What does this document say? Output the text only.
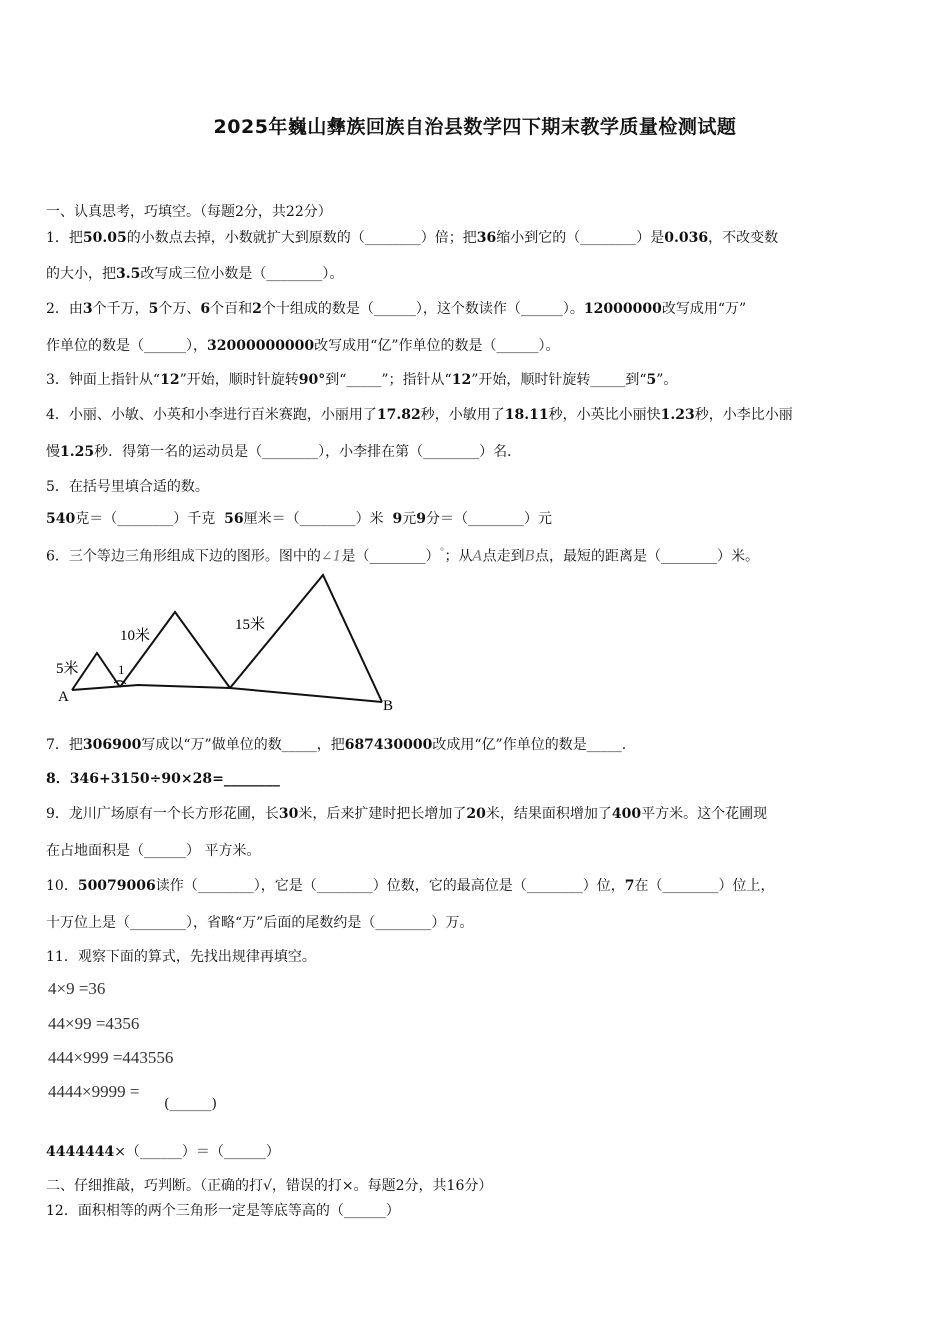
2025年巍山彝族回族自治县数学四下期末教学质量检测试题
一、认真思考，巧填空。（每题2分，共22分）
1．把50.05的小数点去掉，小数就扩大到原数的（________）倍；把36缩小到它的（________）是0.036，不改变数
的大小，把3.5改写成三位小数是（________）。
2．由3个千万，5个万、6个百和2个十组成的数是（______），这个数读作（______）。12000000改写成用“万”
作单位的数是（______），32000000000改写成用“亿”作单位的数是（______）。
3．钟面上指针从“12”开始，顺时针旋转90°到“_____”；指针从“12”开始，顺时针旋转_____到“5”。
4．小丽、小敏、小英和小李进行百米赛跑，小丽用了17.82秒，小敏用了18.11秒，小英比小丽快1.23秒，小李比小丽
慢1.25秒．得第一名的运动员是（________），小李排在第（________）名．
5．在括号里填合适的数。
540克＝（________）千克 56厘米＝（________）米 9元9分＝（________）元
6．三个等边三角形组成下边的图形。图中的∠1是（________）°；从A点走到B点，最短的距离是（________）米。
5米
10米
15米
1
A
B
7．把306900写成以“万”做单位的数_____，把687430000改成用“亿”作单位的数是_____.
8．346+3150÷90×28=________
9．龙川广场原有一个长方形花圃，长30米，后来扩建时把长增加了20米，结果面积增加了400平方米。这个花圃现
在占地面积是（______） 平方米。
10．50079006读作（________），它是（________）位数，它的最高位是（________）位，7在（________）位上，
十万位上是（________），省略“万”后面的尾数约是（________）万。
11．观察下面的算式，先找出规律再填空。
4×9 =36
44×99 =4356
444×999 =443556
4444×9999 =
(______)
4444444×（______）＝（______）
二、仔细推敲，巧判断。（正确的打√，错误的打×。每题2分，共16分）
12．面积相等的两个三角形一定是等底等高的（______）
